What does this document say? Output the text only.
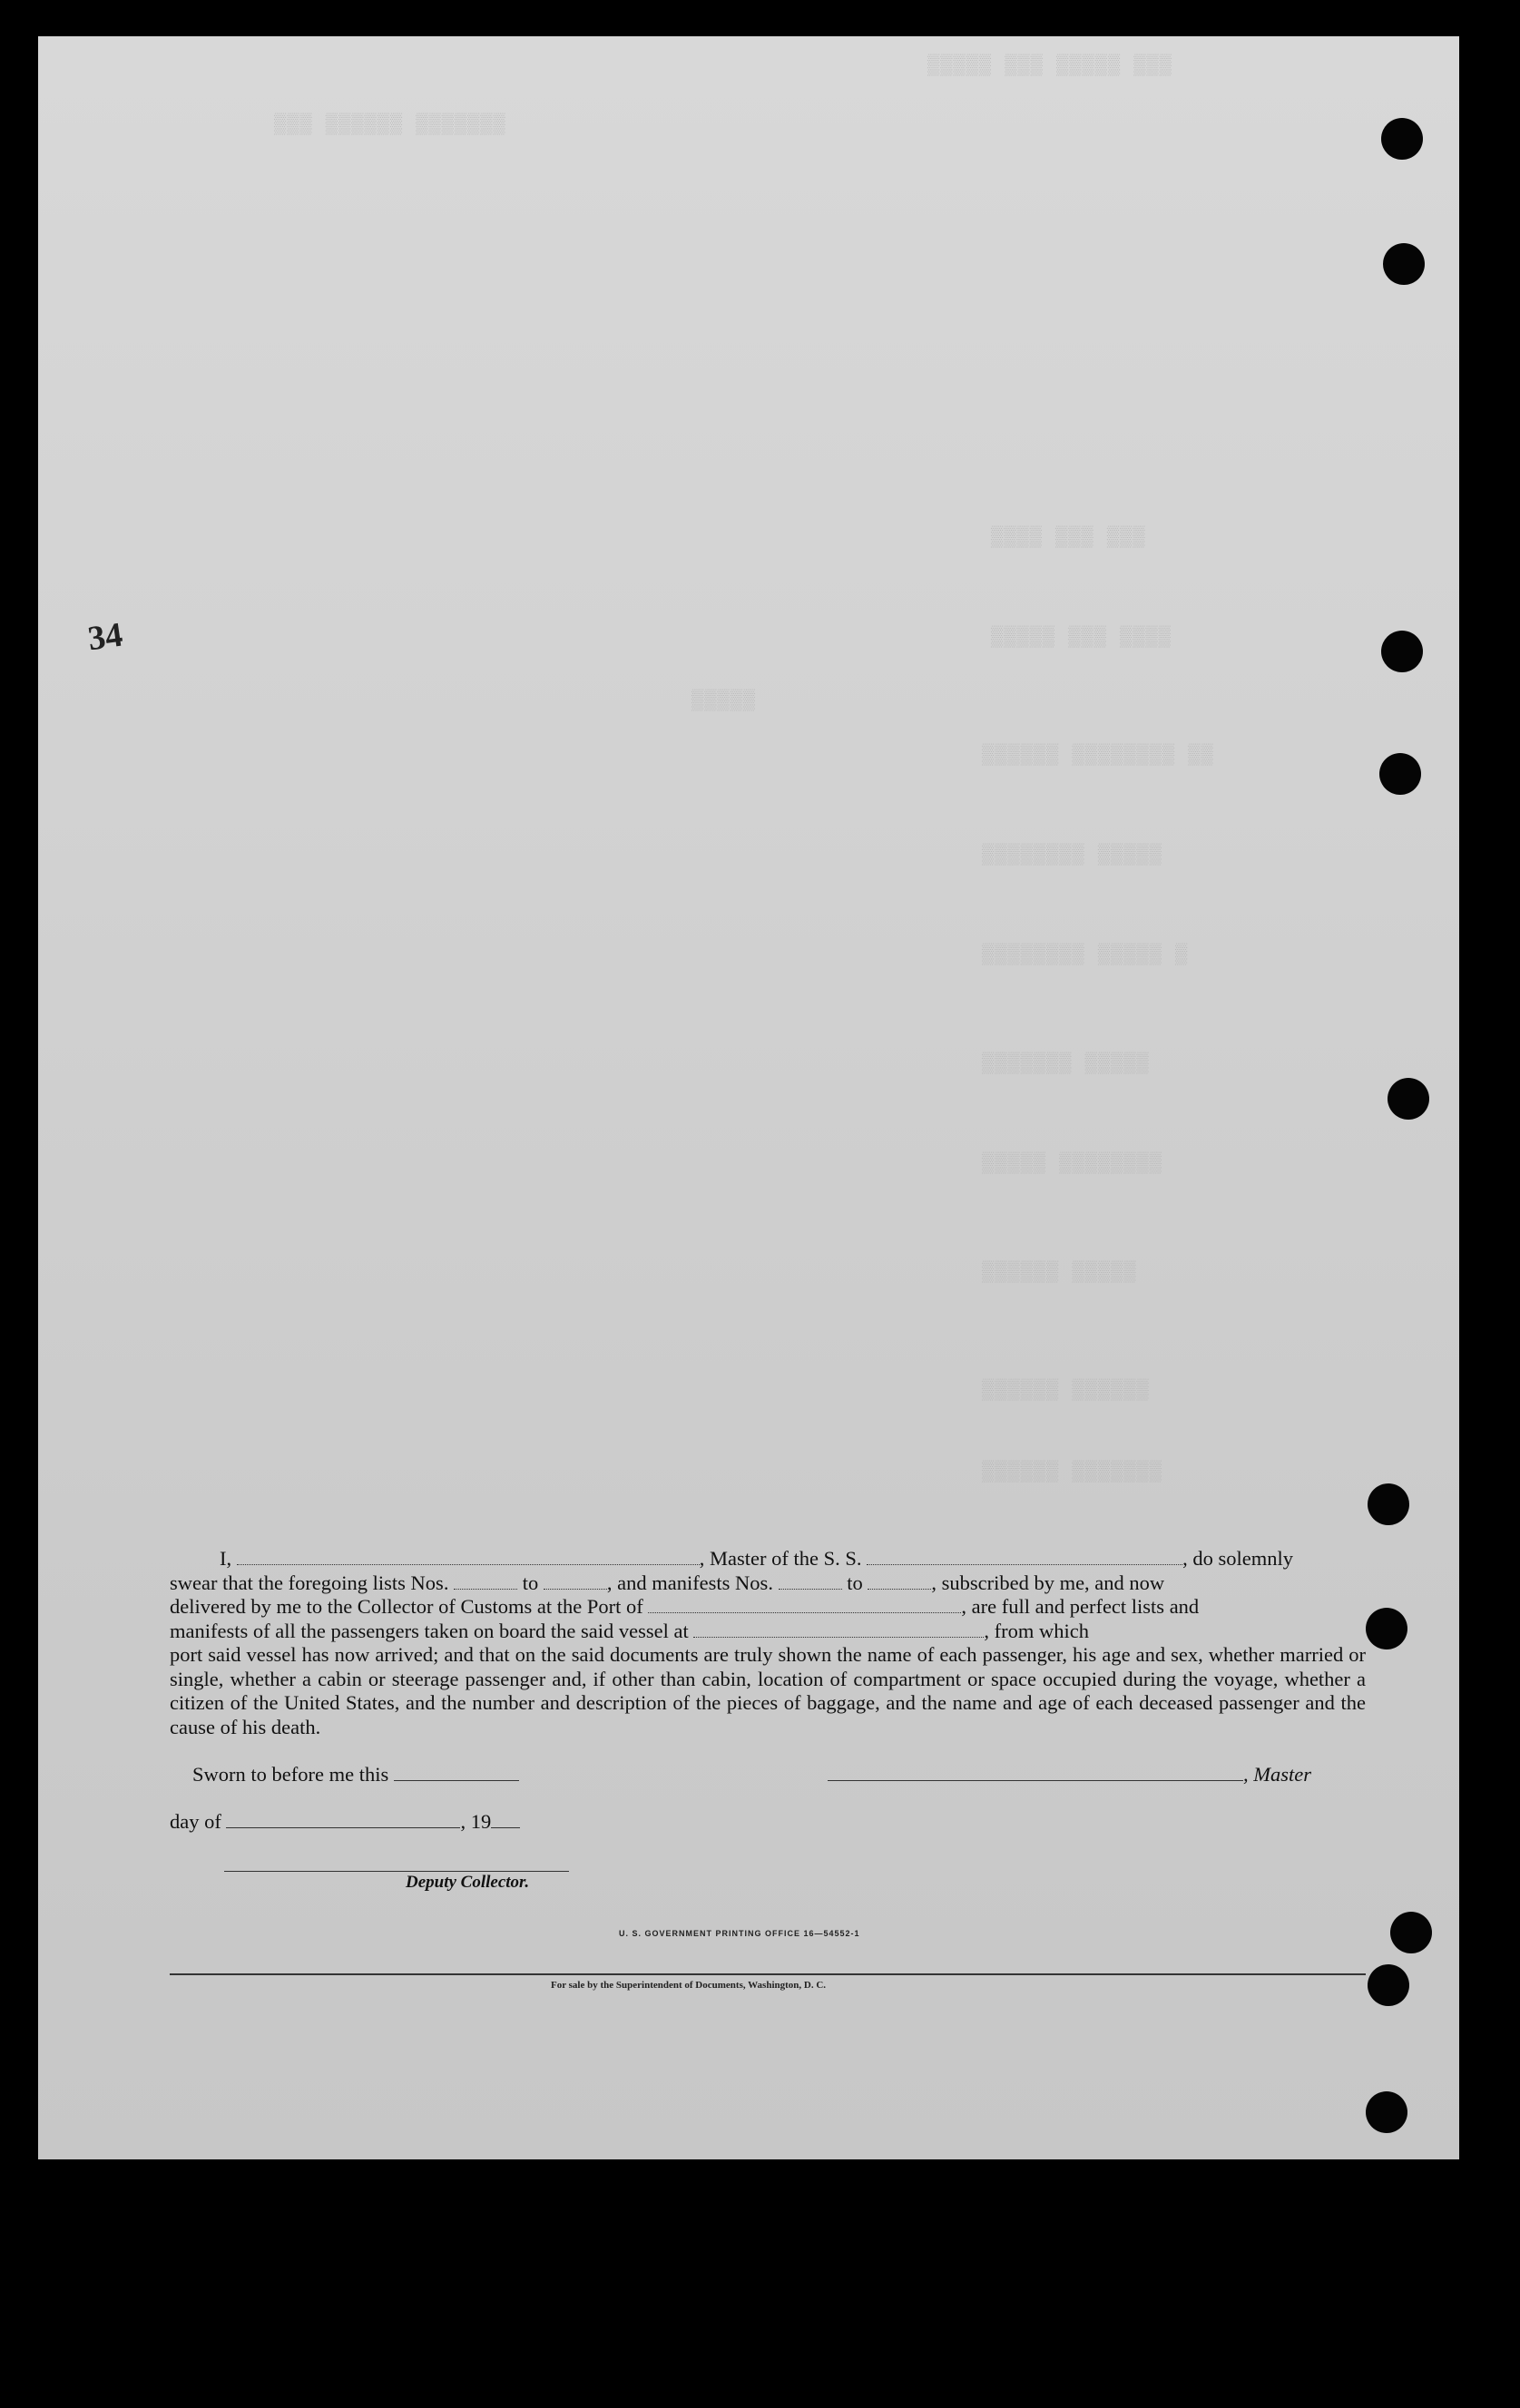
▒▒▒▒▒ ▒▒▒ ▒▒▒▒▒ ▒▒▒
▒▒▒ ▒▒▒▒▒▒ ▒▒▒▒▒▒▒
▒▒▒▒ ▒▒▒ ▒▒▒
▒▒▒▒▒ ▒▒▒ ▒▒▒▒
▒▒▒▒▒
▒▒▒▒▒▒ ▒▒▒▒▒▒▒▒ ▒▒
▒▒▒▒▒▒▒▒ ▒▒▒▒▒
▒▒▒▒▒▒▒▒ ▒▒▒▒▒ ▒
▒▒▒▒▒▒▒ ▒▒▒▒▒
▒▒▒▒▒ ▒▒▒▒▒▒▒▒
▒▒▒▒▒▒ ▒▒▒▒▒
▒▒▒▒▒▒ ▒▒▒▒▒▒
▒▒▒▒▒▒ ▒▒▒▒▒▒▒
34

I,	, Master of the S. S.	, do solemnly

swear that the foregoing lists Nos.	to	, and manifests Nos.	to	, subscribed by me, and now

delivered by me to the Collector of Customs at the Port of	, are full and perfect lists and

manifests of all the passengers taken on board the said vessel at	, from which

port said vessel has now arrived; and that on the said documents are truly shown the name of each passenger, his age and sex, whether married or single, whether a cabin or steerage passenger and, if other than cabin, location of compartment or space occupied during the voyage, whether a citizen of the United States, and the number and description of the pieces of baggage, and the name and age of each deceased passenger and the cause of his death.

Sworn to before me this	, Master
day of	, 19
Deputy Collector.
U. S. GOVERNMENT PRINTING OFFICE 16—54552-1
For sale by the Superintendent of Documents, Washington, D. C.
